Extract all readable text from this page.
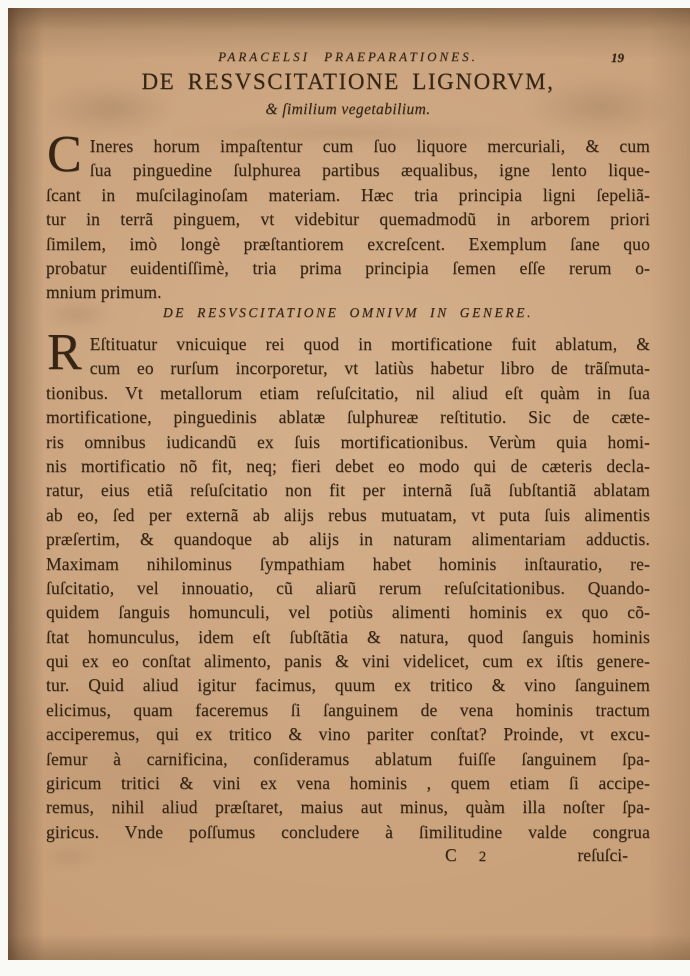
PARACELSI PRAEPARATIONES.	19
DE RESVSCITATIONE LIGNORVM,
& ſimilium vegetabilium.
C Ineres horum impaſtentur cum ſuo liquore mercuriali, & cum
ſua pinguedine ſulphurea partibus æqualibus, igne lento lique-
ſcant in muſcilaginoſam materiam. Hæc tria principia ligni ſepeliã-
tur in terrã pinguem, vt videbitur quemadmodũ in arborem priori
ſimilem, imò longè præſtantiorem excreſcent. Exemplum ſane quo
probatur euidentiſſimè, tria prima principia ſemen eſſe rerum o-
mnium primum.
DE RESVSCITATIONE OMNIVM IN GENERE.
R Eſtituatur vnicuique rei quod in mortificatione fuit ablatum, &
cum eo rurſum incorporetur, vt latiùs habetur libro de trãſmuta-
tionibus. Vt metallorum etiam reſuſcitatio, nil aliud eſt quàm in ſua
mortificatione, pinguedinis ablatæ ſulphureæ reſtitutio. Sic de cæte-
ris omnibus iudicandũ ex ſuis mortificationibus. Verùm quia homi-
nis mortificatio nõ fit, neq; fieri debet eo modo qui de cæteris decla-
ratur, eius etiã reſuſcitatio non fit per internã ſuã ſubſtantiã ablatam
ab eo, ſed per externã ab alijs rebus mutuatam, vt puta ſuis alimentis
præſertim, & quandoque ab alijs in naturam alimentariam adductis.
Maximam nihilominus ſympathiam habet hominis inſtauratio, re-
ſuſcitatio, vel innouatio, cũ aliarũ rerum reſuſcitationibus. Quando-
quidem ſanguis homunculi, vel potiùs alimenti hominis ex quo cõ-
ſtat homunculus, idem eſt ſubſtãtia & natura, quod ſanguis hominis
qui ex eo conſtat alimento, panis & vini videlicet, cum ex iſtis genere-
tur. Quid aliud igitur facimus, quum ex tritico & vino ſanguinem
elicimus, quam faceremus ſi ſanguinem de vena hominis tractum
acciperemus, qui ex tritico & vino pariter conſtat? Proinde, vt excu-
ſemur à carnificina, conſideramus ablatum fuiſſe ſanguinem ſpa-
giricum tritici & vini ex vena hominis , quem etiam ſi accipe-
remus, nihil aliud præſtaret, maius aut minus, quàm illa noſter ſpa-
giricus. Vnde poſſumus concludere à ſimilitudine valde congrua
C 2	reſuſci-
